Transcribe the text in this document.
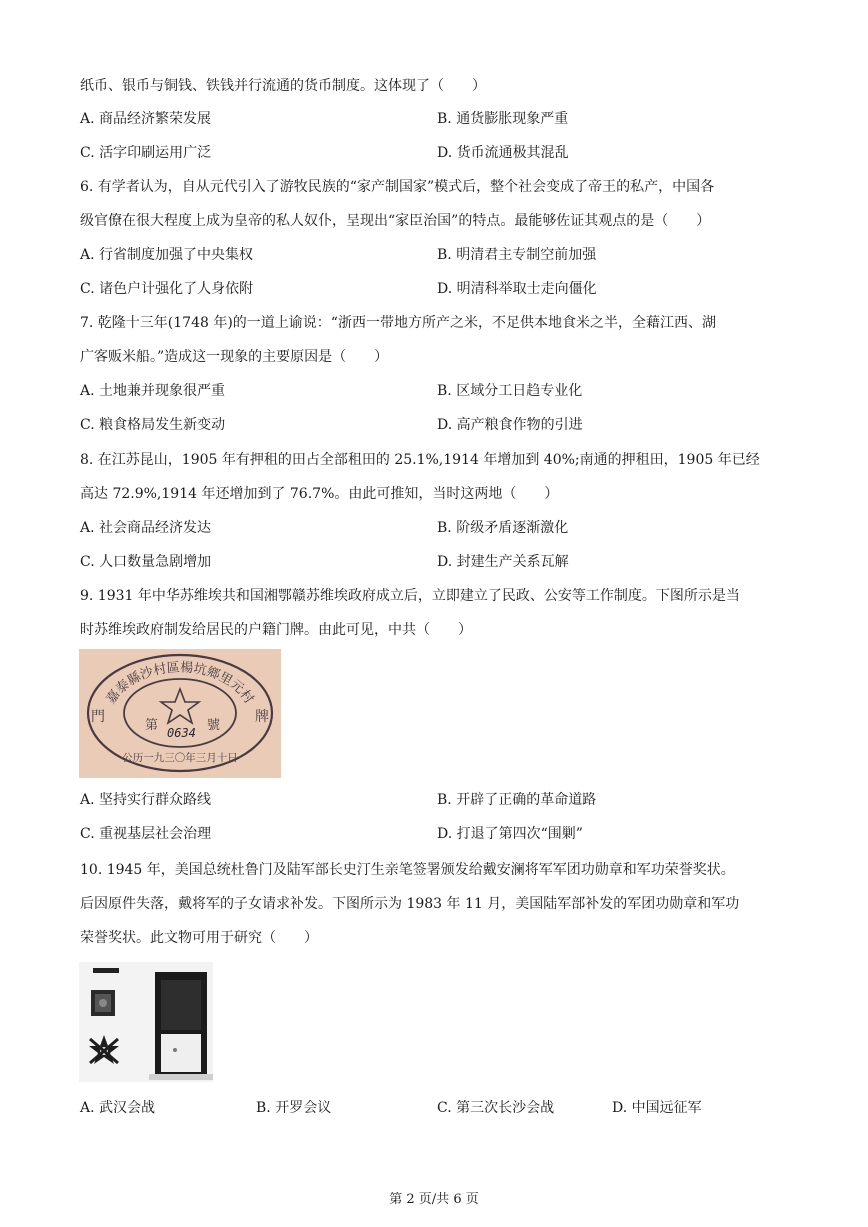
纸币、银币与铜钱、铁钱并行流通的货币制度。这体现了（　　）
A. 商品经济繁荣发展	B. 通货膨胀现象严重
C. 活字印刷运用广泛	D. 货币流通极其混乱
6. 有学者认为，自从元代引入了游牧民族的“家产制国家”模式后，整个社会变成了帝王的私产，中国各
级官僚在很大程度上成为皇帝的私人奴仆，呈现出“家臣治国”的特点。最能够佐证其观点的是（　　）
A. 行省制度加强了中央集权	B. 明清君主专制空前加强
C. 诸色户计强化了人身依附	D. 明清科举取士走向僵化
7. 乾隆十三年(1748 年)的一道上谕说：“浙西一带地方所产之米，不足供本地食米之半，全藉江西、湖
广客贩米船。”造成这一现象的主要原因是（　　）
A. 土地兼并现象很严重	B. 区域分工日趋专业化
C. 粮食格局发生新变动	D. 高产粮食作物的引进
8. 在江苏昆山，1905 年有押租的田占全部租田的 25.1%,1914 年增加到 40%;南通的押租田，1905 年已经
高达 72.9%,1914 年还增加到了 76.7%。由此可推知，当时这两地（　　）
A. 社会商品经济发达	B. 阶级矛盾逐渐激化
C. 人口数量急剧增加	D. 封建生产关系瓦解
9. 1931 年中华苏维埃共和国湘鄂赣苏维埃政府成立后，立即建立了民政、公安等工作制度。下图所示是当
时苏维埃政府制发给居民的户籍门牌。由此可见，中共（　　）
嘉泰縣沙村區楊坑鄉里元村
門	牌
第	號
0634
公历一九三〇年三月十日
A. 坚持实行群众路线	B. 开辟了正确的革命道路
C. 重视基层社会治理	D. 打退了第四次“围剿”
10. 1945 年，美国总统杜鲁门及陆军部长史汀生亲笔签署颁发给戴安澜将军军团功勋章和军功荣誉奖状。
后因原件失落，戴将军的子女请求补发。下图所示为 1983 年 11 月，美国陆军部补发的军团功勋章和军功
荣誉奖状。此文物可用于研究（　　）
A. 武汉会战	B. 开罗会议	C. 第三次长沙会战	D. 中国远征军
第 2 页/共 6 页
